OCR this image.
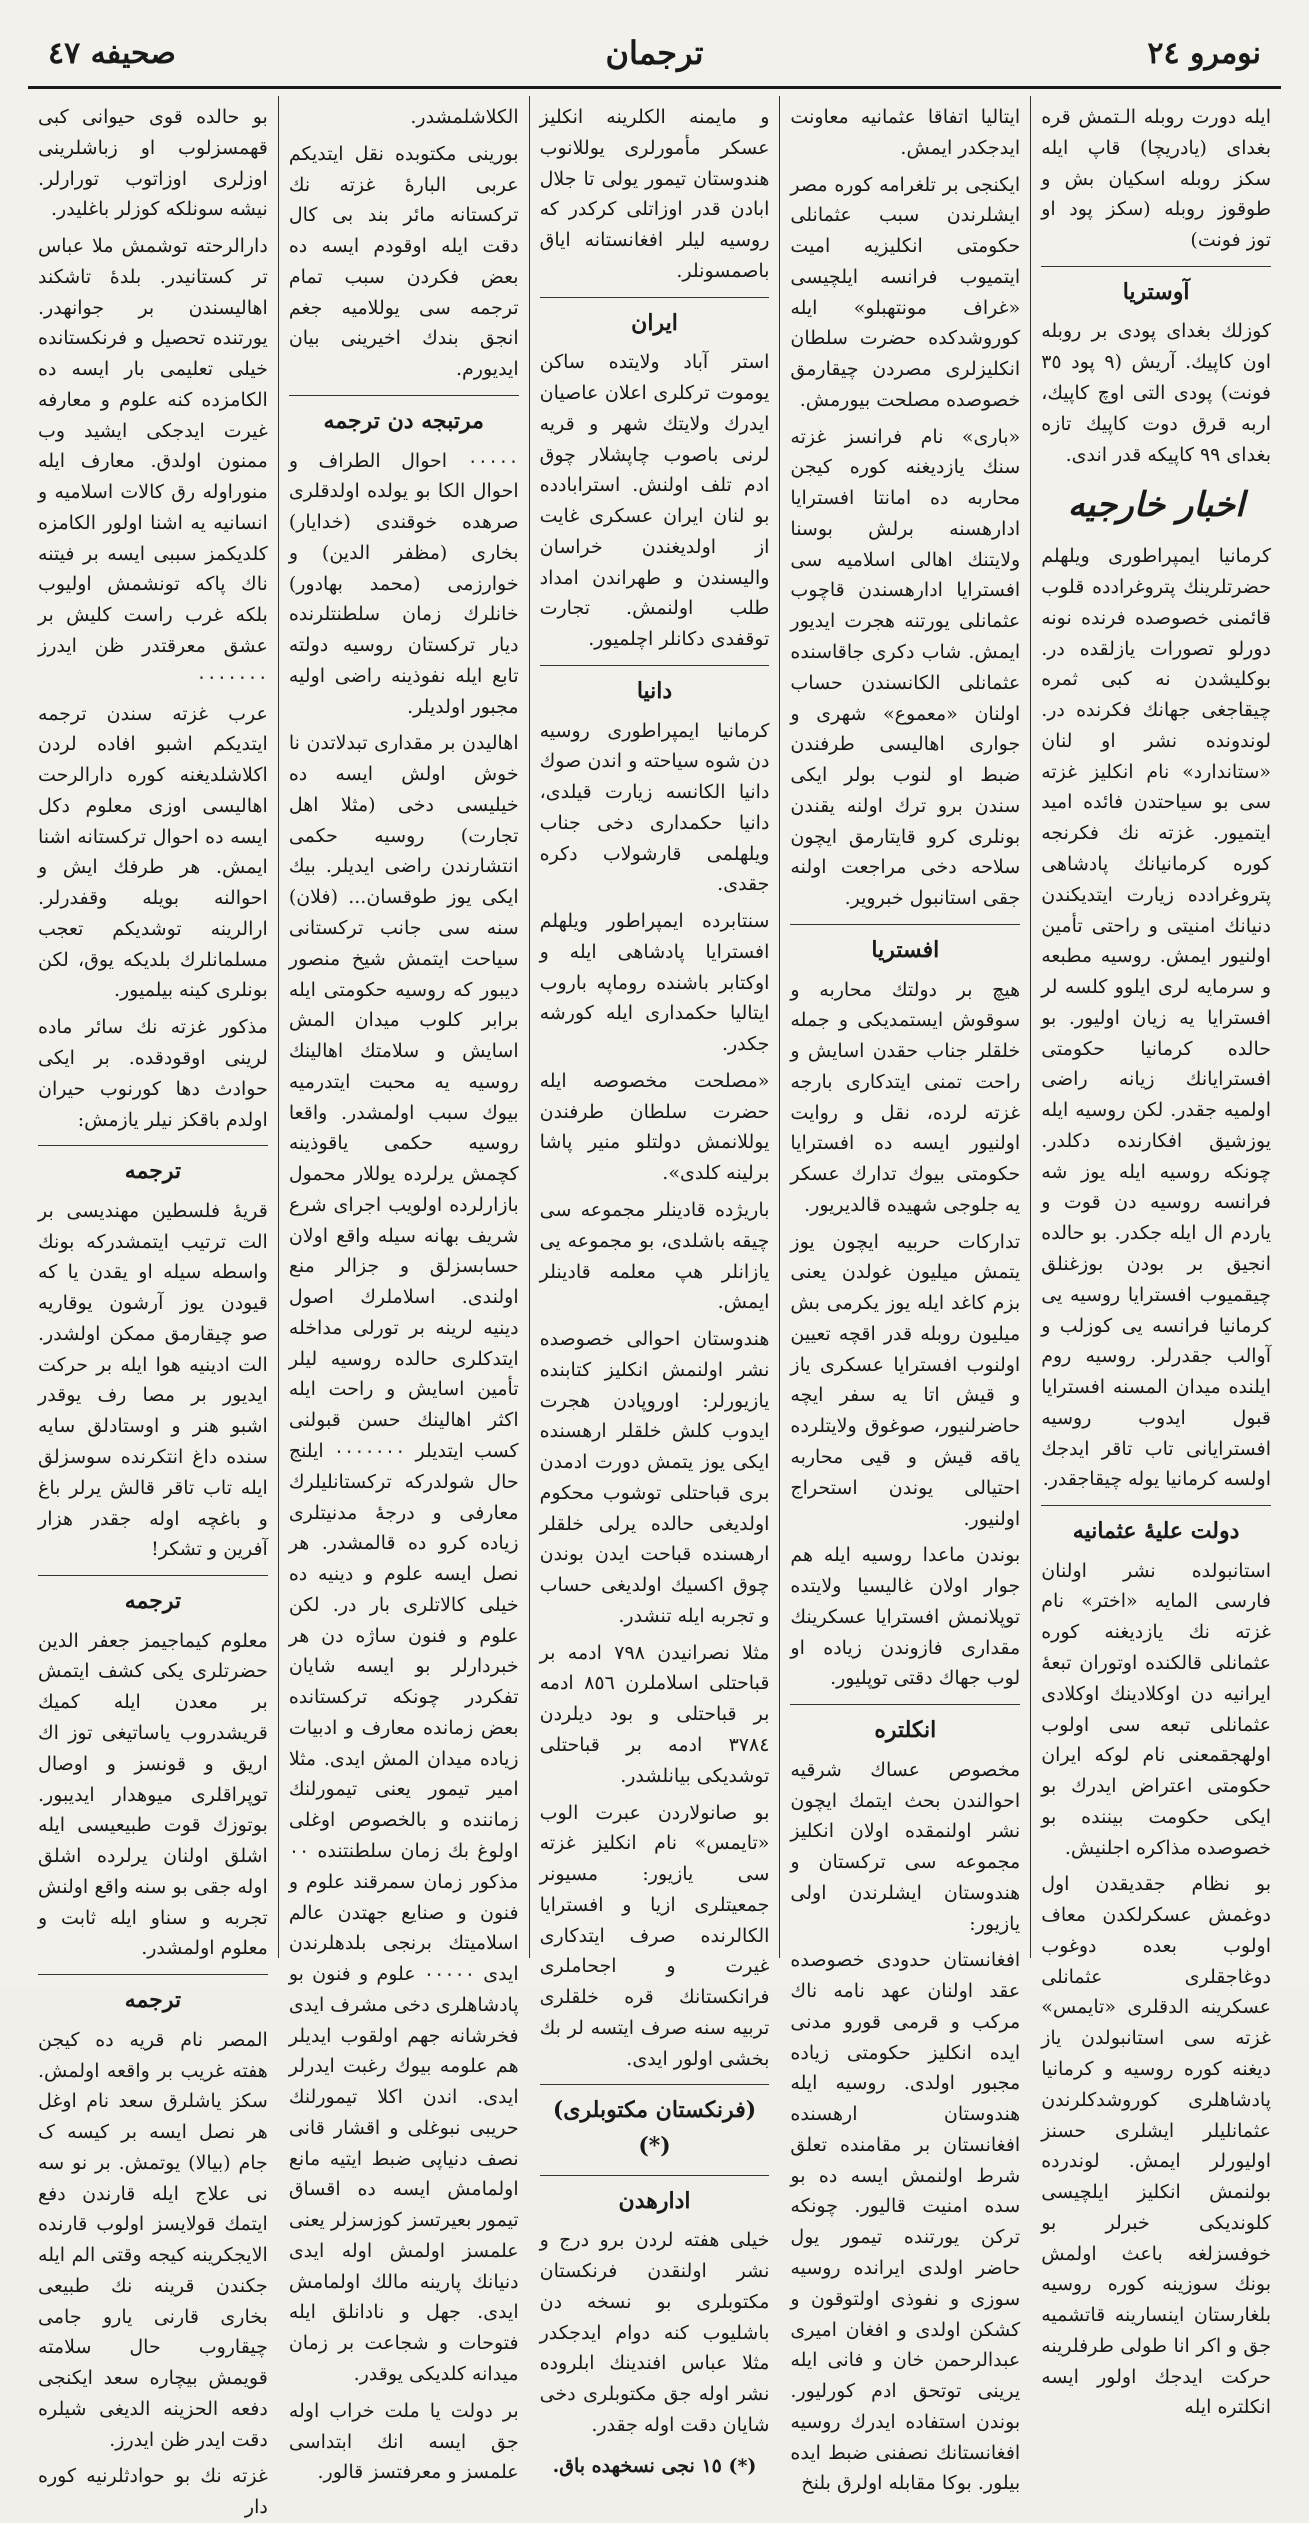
صحیفه ٤٧	ترجمان	نومرو ٢٤

ایله دورت روبله الـتمش قره بغدای (یادریچا) قاپ ایله سکز روبله اسکیان بش و طوقوز روبله (سکز پود او توز فونت)

آوستریا

کوزلك بغدای پودی بر روبله اون کاپیك. آریش (٩ پود ٣٥ فونت) پودی التی اوچ کاپیك، اربه قرق دوت کاپیك تازه بغدای ٩٩ کاپیکه قدر اندی.

اخبار خارجیه

کرمانیا ایمپراطوری ویلهلم حضرتلرینك پتروغرادده قلوب قائمنی خصوصده فرنده نونه دورلو تصورات یازلقده در. بوکلیشدن نه کبی ثمره چیقاجغی جهانك فکرنده در. لوندونده نشر او لنان «ستاندارد» نام انکلیز غزته سی بو سیاحتدن فائده امید ایتمیور. غزته نك فکرنجه کوره کرمانیانك پادشاهی پتروغرادده زیارت ایتدیکندن دنیانك امنیتی و راحتی تأمین اولنیور ایمش. روسیه مطبعه و سرمایه لری ایلوو کلسه لر افسترایا یه زیان اولیور. بو حالده کرمانیا حکومتی افسترایانك زیانه راضی اولمیه جقدر. لکن روسیه ایله یوزشیق افکارنده دکلدر. چونکه روسیه ایله یوز شه فرانسه روسیه دن قوت و یاردم ال ایله جکدر. بو حالده انجیق بر بودن بوزغنلق چیقمیوب افسترایا روسیه یی کرمانیا فرانسه یی کوزلب و آوالب جقدرلر. روسیه روم ایلنده میدان المسنه افسترایا قبول ایدوب روسیه افسترایانی تاب تاقر ایدجك اولسه کرمانیا یوله چیقاجقدر.

دولت علیهٔ عثمانیه

استانبولده نشر اولنان فارسی المایه «اختر» نام غزته نك یازدیغنه کوره عثمانلی قالکنده اوتوران تبعهٔ ایرانیه دن اوکلادینك اوکلادی عثمانلی تبعه سی اولوب اولهجقمعنی نام لوکه ایران حکومتی اعتراض ایدرك بو ایکی حکومت بیننده بو خصوصده مذاکره اجلنیش.

بو نظام جقدیقدن اول دوغمش عسکرلکدن معاف اولوب بعده دوغوب دوغاجقلری عثمانلی عسکرینه الدقلری «تایمس» غزته سی استانبولدن یاز دیغنه کوره روسیه و کرمانیا پادشاهلری کوروشدکلرندن عثمانلیلر ایشلری حسنز اولیورلر ایمش. لوندرده بولنمش انکلیز ایلچیسی کلوندیکی خبرلر بو خوفسزلغه باعث اولمش بونك سوزینه کوره روسیه بلغارستان اینسارینه قاتشمیه جق و اکر انا طولی طرفلرینه حرکت ایدجك اولور ایسه انکلتره ایله

ایتالیا اتفاقا عثمانیه معاونت ایدجکدر ایمش.

ایکنجی بر تلغرامه کوره مصر ایشلرندن سبب عثمانلی حکومتی انکلیزیه امیت ایتمیوب فرانسه ایلچیسی «غراف مونتهبلو» ایله کوروشدکده حضرت سلطان انکلیزلری مصردن چیقارمق خصوصده مصلحت بیورمش.

«باری» نام فرانسز غزته سنك یازدیغنه کوره کیجن محاربه ده امانتا افسترایا ادارهسنه برلش بوسنا ولایتنك اهالی اسلامیه سی افسترایا ادارهسندن قاچوب عثمانلی یورتنه هجرت ایدیور ایمش. شاب دکری جاقاسنده عثمانلی الکانسندن حساب اولنان «معموع» شهری و جواری اهالیسی طرفندن ضبط او لنوب بولر ایکی سندن برو ترك اولنه یقندن بونلری کرو قایتارمق ایچون سلاحه دخی مراجعت اولنه جقی استانبول خبرویر.

افستریا

هیچ بر دولتك محاربه و سوقوش ایستمدیکی و جمله خلقلر جناب حقدن اسایش و راحت تمنی ایتدکاری بارجه غزته لرده، نقل و روایت اولنیور ایسه ده افسترایا حکومتی بیوك تدارك عسکر یه جلوجی شهیده قالدیریور.

تدارکات حربیه ایچون یوز یتمش میلیون غولدن یعنی بزم کاغد ایله یوز یکرمی بش میلیون روبله قدر اقچه تعیین اولنوب افسترایا عسکری یاز و قیش اتا یه سفر ایچه حاضرلنیور، صوغوق ولایتلرده یاقه قیش و قیی محاربه احتیالی یوندن استحراج اولنیور.

بوندن ماعدا روسیه ایله هم جوار اولان غالیسیا ولایتده توپلانمش افسترایا عسکرینك مقداری فازوندن زیاده او لوب جهاك دقتی توپلیور.

انکلتره

مخصوص عساك شرقیه احوالندن بحث ایتمك ایچون نشر اولنمقده اولان انکلیز مجموعه سی ترکستان و هندوستان ایشلرندن اولی یازیور:

افغانستان حدودی خصوصده عقد اولنان عهد نامه ناك مرکب و قرمی قورو مدنی ایده انکلیز حکومتی زیاده مجبور اولدی. روسیه ایله هندوستان ارهسنده افغانستان بر مقامنده تعلق شرط اولنمش ایسه ده بو سده امنیت قالیور. چونکه ترکن یورتنده تیمور یول حاضر اولدی ایرانده روسیه سوزی و نفوذی اولتوقون و کشکن اولدی و افغان امیری عبدالرحمن خان و فانی ایله یرینی توتحق ادم کورلیور. بوندن استفاده ایدرك روسیه افغانستانك نصفنی ضبط ایده بیلور. بوکا مقابله اولرق بلنخ

و مایمنه الکلرینه انکلیز عسکر مأمورلری یوللانوب هندوستان تیمور یولی تا جلال ابادن قدر اوزاتلی کرکدر که روسیه لیلر افغانستانه ایاق باصمسونلر.

ایران

استر آباد ولایتده ساکن یوموت ترکلری اعلان عاصیان ایدرك ولایتك شهر و قریه لرنی باصوب چاپشلار چوق ادم تلف اولنش. استرابادده بو لنان ایران عسکری غایت از اولدیغندن خراسان والیسندن و طهراندن امداد طلب اولنمش. تجارت توقفدی دکانلر اچلمیور.

دانیا

کرمانیا ایمپراطوری روسیه دن شوه سیاحته و اندن صوك دانیا الکانسه زیارت قیلدی، دانیا حکمداری دخی جناب ویلهلمی قارشولاب دکره جقدی.

سنتابرده ایمپراطور ویلهلم افسترایا پادشاهی ایله و اوکتابر باشنده روماپه باروب ایتالیا حکمداری ایله کورشه جکدر.

«مصلحت مخصوصه ایله حضرت سلطان طرفندن یوللانمش دولتلو منیر پاشا برلینه کلدی».

باریژده قادینلر مجموعه سی چیقه باشلدی، بو مجموعه یی یازانلر هپ معلمه قادینلر ایمش.

هندوستان احوالی خصوصده نشر اولنمش انکلیز کتابنده یازیورلر: اوروپادن هجرت ایدوب کلش خلقلر ارهسنده ایکی یوز یتمش دورت ادمدن بری قباحتلی توشوب محکوم اولدیغی حالده یرلی خلقلر ارهسنده قباحت ایدن بوندن چوق اکسیك اولدیغی حساب و تجربه ایله تنشدر.

مثلا نصرانیدن ٧٩٨ ادمه بر قباحتلی اسلاملرن ٨٥٦ ادمه بر قباحتلی و بود دیلردن ٣٧٨٤ ادمه بر قباحتلی توشدیکی بیانلشدر.

بو صانولاردن عبرت الوب «تایمس» نام انکلیز غزته سی یازیور: مسیونر جمعیتلری ازیا و افسترایا الکالرنده صرف ایتدکاری غیرت و اجحاملری فرانکستانك قره خلقلری تربیه سنه صرف ایتسه لر بك بخشی اولور ایدی.

(فرنکستان مکتوبلری) (*)
ادارهدن

خیلی هفته لردن برو درج و نشر اولنقدن فرنکستان مکتوبلری بو نسخه دن باشلیوب کنه دوام ایدجکدر مثلا عباس افندینك ابلروده نشر اوله جق مکتوبلری دخی شایان دقت اوله جقدر.

(*) ١٥ نجی نسخهده باق.

الکلاشلمشدر.

بورینی مکتوبده نقل ایتدیکم عربی البارهٔ غزته نك ترکستانه مائر بند بی کال دقت ایله اوقودم ایسه ده بعض فکردن سبب تمام ترجمه سی یوللامیه جغم انجق بندك اخیرینی بیان ایدیورم.

مرتبجه دن ترجمه

۰۰۰۰۰ احوال الطراف و احوال الکا بو یولده اولدقلری صرهده خوقندی (خدایار) بخاری (مظفر الدین) و خوارزمی (محمد بهادور) خانلرك زمان سلطنتلرنده دیار ترکستان روسیه دولته تابع ایله نفوذینه راضی اولیه مجبور اولدیلر.

اهالیدن بر مقداری تبدلاتدن نا خوش اولش ایسه ده خیلیسی دخی (مثلا اهل تجارت) روسیه حکمی انتشارندن راضی ایدیلر. بیك ایکی یوز طوقسان... (فلان) سنه سی جانب ترکستانی سیاحت ایتمش شیخ منصور دیبور که روسیه حکومتی ایله برابر کلوب میدان المش اسایش و سلامتك اهالینك روسیه یه محبت ایتدرمیه بیوك سبب اولمشدر. واقعا روسیه حکمی یاقوذینه کچمش یرلرده یوللار محمول بازارلرده اولویب اجرای شرع شریف بهانه سیله واقع اولان حسابسزلق و جزالر منع اولندی. اسلاملرك اصول دینیه لرینه بر تورلی مداخله ایتدکلری حالده روسیه لیلر تأمین اسایش و راحت ایله اکثر اهالینك حسن قبولنی کسب ایتدیلر ۰۰۰۰۰۰۰ ایلنج حال شولدرکه ترکستانلیلرك معارفی و درجهٔ مدنیتلری زیاده کرو ده قالمشدر. هر نصل ایسه علوم و دینیه ده خیلی کالاتلری بار در. لکن علوم و فنون ساژه دن هر خبردارلر بو ایسه شایان تفکردر چونکه ترکستانده بعض زمانده معارف و ادبیات زیاده میدان المش ایدی. مثلا امیر تیمور یعنی تیمورلنك زماننده و بالخصوص اوغلی اولوغ بك زمان سلطنتنده ۰۰ مذکور زمان سمرقند علوم و فنون و صنایع جهتدن عالم اسلامیتك برنجی بلدهلرندن ایدی ۰۰۰۰۰ علوم و فنون بو پادشاهلری دخی مشرف ایدی فخرشانه جهم اولقوب ایدیلر هم علومه بیوك رغبت ایدرلر ایدی. اندن اکلا تیمورلنك حریبی نبوغلی و اقشار قانی نصف دنیاپی ضبط ایتیه مانع اولمامش ایسه ده اقساق تیمور بعیرتسز کوزسزلر یعنی علمسز اولمش اوله ایدی دنیانك پارینه مالك اولمامش ایدی. جهل و نادانلق ایله فتوحات و شجاعت بر زمان میدانه کلدیکی یوقدر.

بر دولت یا ملت خراب اوله جق ایسه انك ابتداسی علمسز و معرفتسز قالور.

بو حالده قوی حیوانی کبی قهمسزلوب او زباشلرینی اوزلری اوزاتوب تورارلر. نیشه سونلکه کوزلر باغلیدر.

دارالرحته توشمش ملا عباس تر کستانیدر. بلدهٔ تاشکند اهالیسندن بر جوانهدر. یورتنده تحصیل و فرنکستانده خیلی تعلیمی بار ایسه ده الکامزده کنه علوم و معارفه غیرت ایدجکی ایشید وب ممنون اولدق. معارف ایله منوراوله رق کالات اسلامیه و انسانیه یه اشنا اولور الکامزه کلدیکمز سببی ایسه بر فیتنه ناك پاکه تونشمش اولیوب بلکه غرب راست کلیش بر عشق معرقتدر ظن ایدرز ۰۰۰۰۰۰۰

عرب غزته سندن ترجمه ایتدیکم اشبو افاده لردن اکلاشلدیغنه کوره دارالرحت اهالیسی اوزی معلوم دکل ایسه ده احوال ترکستانه اشنا ایمش. هر طرفك ایش و احوالنه بویله وقفدرلر. ارالرینه توشدیکم تعجب مسلمانلرك بلدیکه یوق، لکن بونلری کینه بیلمیور.

مذکور غزته نك سائر ماده لرینی اوقودقده. بر ایکی حوادث دها کورنوب حیران اولدم باقکز نیلر یازمش:

ترجمه

قریهٔ فلسطین مهندیسی بر الت ترتیب ایتمشدرکه بونك واسطه سیله او یقدن یا که قیودن یوز آرشون یوقاریه صو چیقارمق ممکن اولشدر. الت ادینیه هوا ایله بر حرکت ایدیور بر مصا رف یوقدر اشبو هنر و اوستادلق سایه سنده داغ انتکرنده سوسزلق ایله تاب تاقر قالش یرلر باغ و باغچه اوله جقدر هزار آفرین و تشکر!

ترجمه

معلوم کیماجیمز جعفر الدین حضرتلری یکی کشف ایتمش بر معدن ایله کمیك قریشدروب یاساتیغی توز اك اریق و قونسز و اوصال توپراقلری میوهدار ایدیبور. بوتوزك قوت طبیعیسی ایله اشلق اولنان یرلرده اشلق اوله جقی بو سنه واقع اولنش تجربه و سناو ایله ثابت و معلوم اولمشدر.

ترجمه

المصر نام قریه ده کیجن هفته غریب بر واقعه اولمش. سکز یاشلرق سعد نام اوغل هر نصل ایسه بر کیسه ک جام (بیالا) یوتمش. بر نو سه نی علاج ایله قارندن دفع ایتمك قولایسز اولوب قارنده الایجکرینه کیجه وقتی الم ایله جکندن قرینه نك طبیعی بخاری قارنی یارو جامی چیقاروب حال سلامته قویمش بیچاره سعد ایکنجی دفعه الحزینه الدیغی شیلره دقت ایدر ظن ایدرز.

غزته نك بو حوادثلرنیه کوره دار
